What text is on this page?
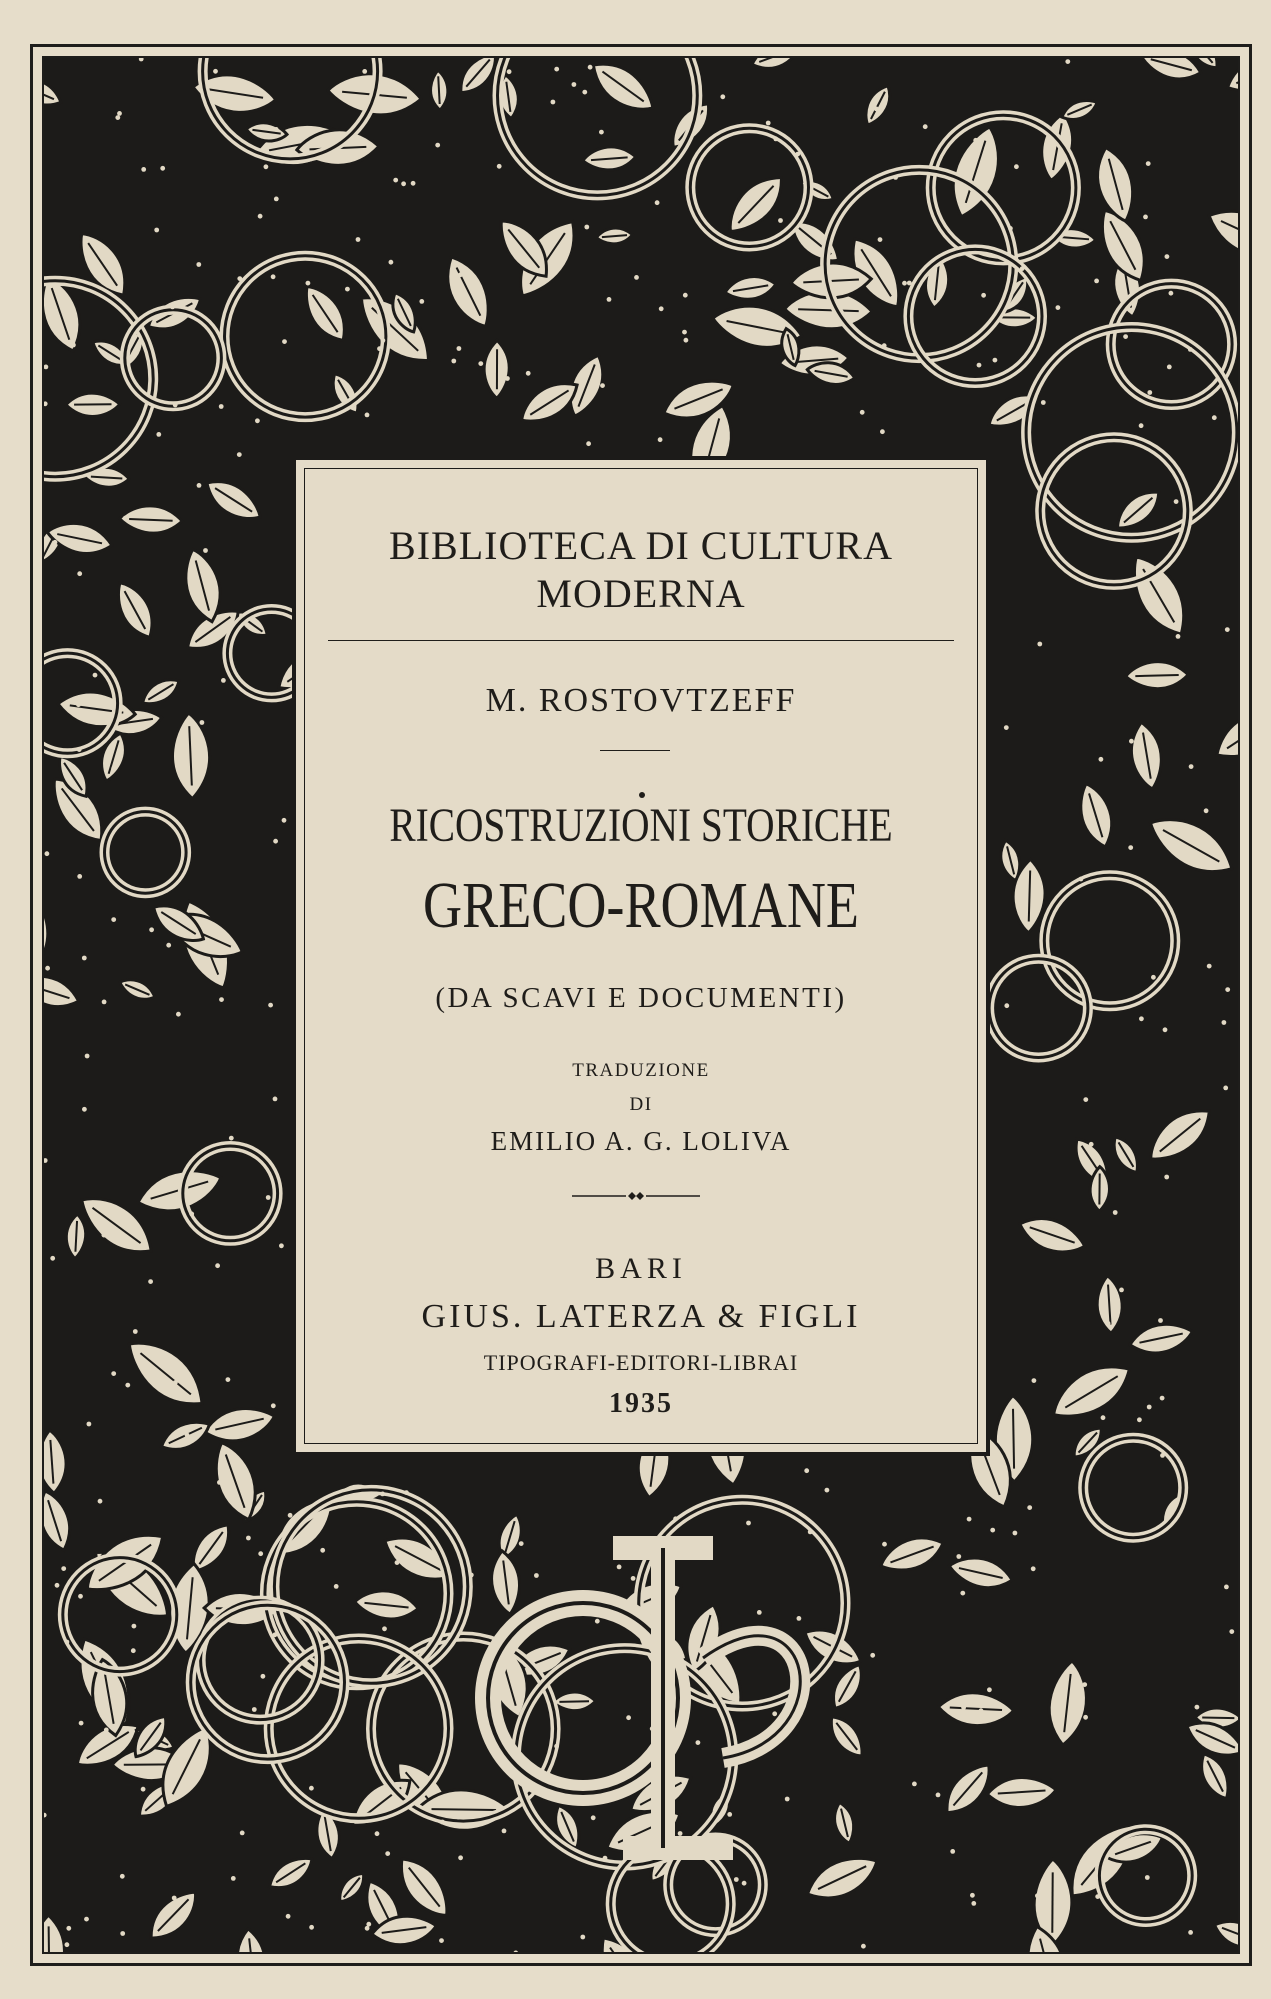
BIBLIOTECA DI CULTURA
MODERNA
M. ROSTOVTZEFF
RICOSTRUZIONI STORICHE
GRECO-ROMANE
(DA SCAVI E DOCUMENTI)
TRADUZIONE
DI
EMILIO A. G. LOLIVA
BARI
GIUS. LATERZA & FIGLI
TIPOGRAFI-EDITORI-LIBRAI
1935
